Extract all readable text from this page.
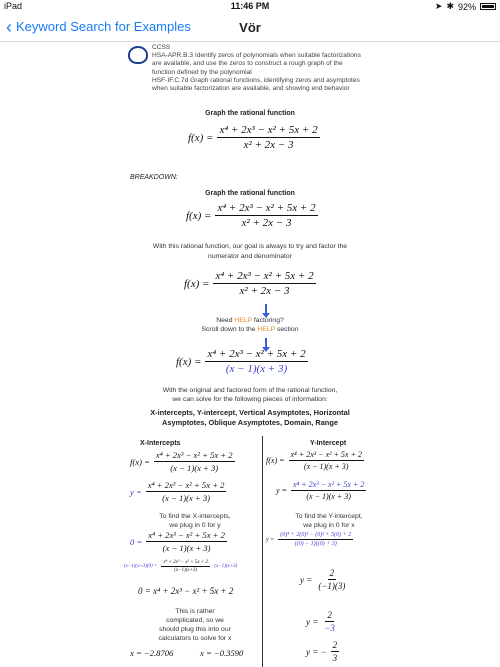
iPad	11:46 PM	➤ ✱ 92%
‹ Keyword Search for Examples	Vör
CCSS
HSA-APR.B.3 Identify zeros of polynomials when suitable factorizations
are available, and use the zeros to construct a rough graph of the
function defined by the polynomial
HSF-IF.C.7d Graph rational functions, identifying zeros and asymptotes
when suitable factorization are available, and showing end behavior
Graph the rational function
$f(x) = \frac{\text{x⁴ + 2x³ − x² + 5x + 2}}{\text{x² + 2x − 3}}$
BREAKDOWN:
Graph the rational function
$f(x) = \frac{\text{x⁴ + 2x³ − x² + 5x + 2}}{\text{x² + 2x − 3}}$
With this rational function, our goal is always to try and factor the
numerator and denominator
$f(x) = \frac{\text{x⁴ + 2x³ − x² + 5x + 2}}{\text{x² + 2x − 3}}$
Need HELP factoring?
Scroll down to the HELP section
$f(x) = \frac{\text{x⁴ + 2x³ − x² + 5x + 2}}{(x - 1)(x + 3)}$
With the original and factored form of the rational function,
we can solve for the following pieces of information:
X-intercepts, Y-intercept, Vertical Asymptotes, Horizontal
Asymptotes, Oblique Asymptotes, Domain, Range
X-Intercepts
$f(x) = \frac{\text{x⁴ + 2x³ − x² + 5x + 2}}{(x - 1)(x + 3)}$
$y = \frac{\text{x⁴ + 2x³ − x² + 5x + 2}}{(x - 1)(x + 3)}$
To find the X-intercepts,
we plug in 0 for y
$0 = \frac{\text{x⁴ + 2x³ − x² + 5x + 2}}{(x - 1)(x + 3)}$
$(x-1)(x+3)(0) = \frac{\text{x⁴ + 2x³ − x² + 5x + 2}}{(x-1)(x+3)} \cdot (x-1)(x+3)$
0 = x⁴ + 2x³ − x² + 5x + 2
This is rather
complicated, so we
should plug this into our
calculators to solve for x
x = −2.8706	x = −0.3590
Y-Intercept
$f(x) = \frac{\text{x⁴ + 2x³ − x² + 5x + 2}}{(x - 1)(x + 3)}$
$y = \frac{\text{x⁴ + 2x³ − x² + 5x + 2}}{(x - 1)(x + 3)}$
To find the Y-intercept,
we plug in 0 for x
$y = \frac{\text{(0)⁴ + 2(0)³ − (0)² + 5(0) + 2}}{((0) - 1)((0) + 3)}$
$y = \frac{2}{(-1)(3)}$
$y = \frac{2}{-3}$
y = − $\frac{2}{3}$
